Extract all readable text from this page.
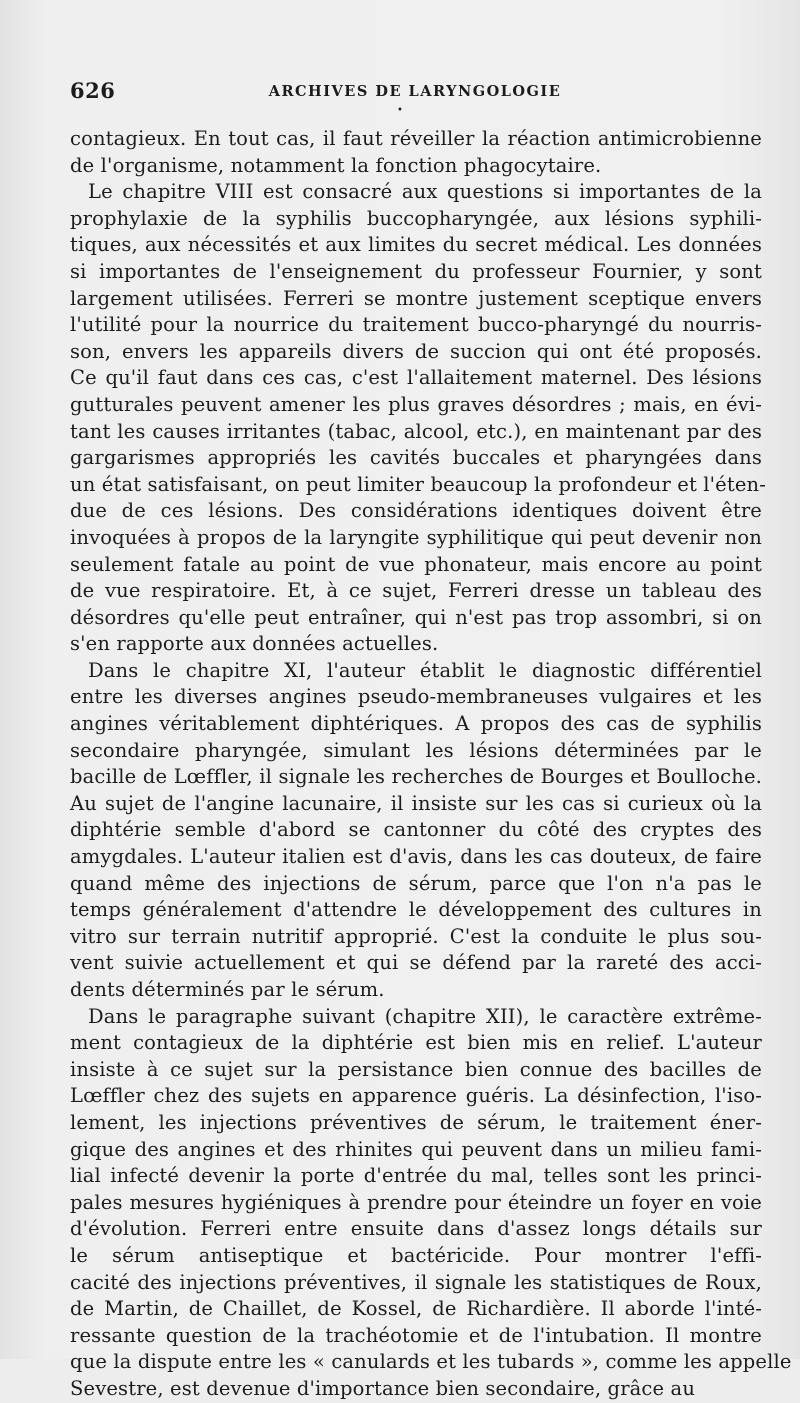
626	ARCHIVES DE LARYNGOLOGIE
•

contagieux. En tout cas, il faut réveiller la réaction antimicrobienne
de l'organisme, notamment la fonction phagocytaire.

Le chapitre VIII est consacré aux questions si importantes de la
prophylaxie de la syphilis buccopharyngée, aux lésions syphili-
tiques, aux nécessités et aux limites du secret médical. Les données
si importantes de l'enseignement du professeur Fournier, y sont
largement utilisées. Ferreri se montre justement sceptique envers
l'utilité pour la nourrice du traitement bucco-pharyngé du nourris-
son, envers les appareils divers de succion qui ont été proposés.
Ce qu'il faut dans ces cas, c'est l'allaitement maternel. Des lésions
gutturales peuvent amener les plus graves désordres ; mais, en évi-
tant les causes irritantes (tabac, alcool, etc.), en maintenant par des
gargarismes appropriés les cavités buccales et pharyngées dans
un état satisfaisant, on peut limiter beaucoup la profondeur et l'éten-
due de ces lésions. Des considérations identiques doivent être
invoquées à propos de la laryngite syphilitique qui peut devenir non
seulement fatale au point de vue phonateur, mais encore au point
de vue respiratoire. Et, à ce sujet, Ferreri dresse un tableau des
désordres qu'elle peut entraîner, qui n'est pas trop assombri, si on
s'en rapporte aux données actuelles.

Dans le chapitre XI, l'auteur établit le diagnostic différentiel
entre les diverses angines pseudo-membraneuses vulgaires et les
angines véritablement diphtériques. A propos des cas de syphilis
secondaire pharyngée, simulant les lésions déterminées par le
bacille de Lœffler, il signale les recherches de Bourges et Boulloche.
Au sujet de l'angine lacunaire, il insiste sur les cas si curieux où la
diphtérie semble d'abord se cantonner du côté des cryptes des
amygdales. L'auteur italien est d'avis, dans les cas douteux, de faire
quand même des injections de sérum, parce que l'on n'a pas le
temps généralement d'attendre le développement des cultures in
vitro sur terrain nutritif approprié. C'est la conduite le plus sou-
vent suivie actuellement et qui se défend par la rareté des acci-
dents déterminés par le sérum.

Dans le paragraphe suivant (chapitre XII), le caractère extrême-
ment contagieux de la diphtérie est bien mis en relief. L'auteur
insiste à ce sujet sur la persistance bien connue des bacilles de
Lœffler chez des sujets en apparence guéris. La désinfection, l'iso-
lement, les injections préventives de sérum, le traitement éner-
gique des angines et des rhinites qui peuvent dans un milieu fami-
lial infecté devenir la porte d'entrée du mal, telles sont les princi-
pales mesures hygiéniques à prendre pour éteindre un foyer en voie
d'évolution. Ferreri entre ensuite dans d'assez longs détails sur
le sérum antiseptique et bactéricide. Pour montrer l'effi-
cacité des injections préventives, il signale les statistiques de Roux,
de Martin, de Chaillet, de Kossel, de Richardière. Il aborde l'inté-
ressante question de la trachéotomie et de l'intubation. Il montre
que la dispute entre les « canulards et les tubards », comme les appelle
Sevestre, est devenue d'importance bien secondaire, grâce au
